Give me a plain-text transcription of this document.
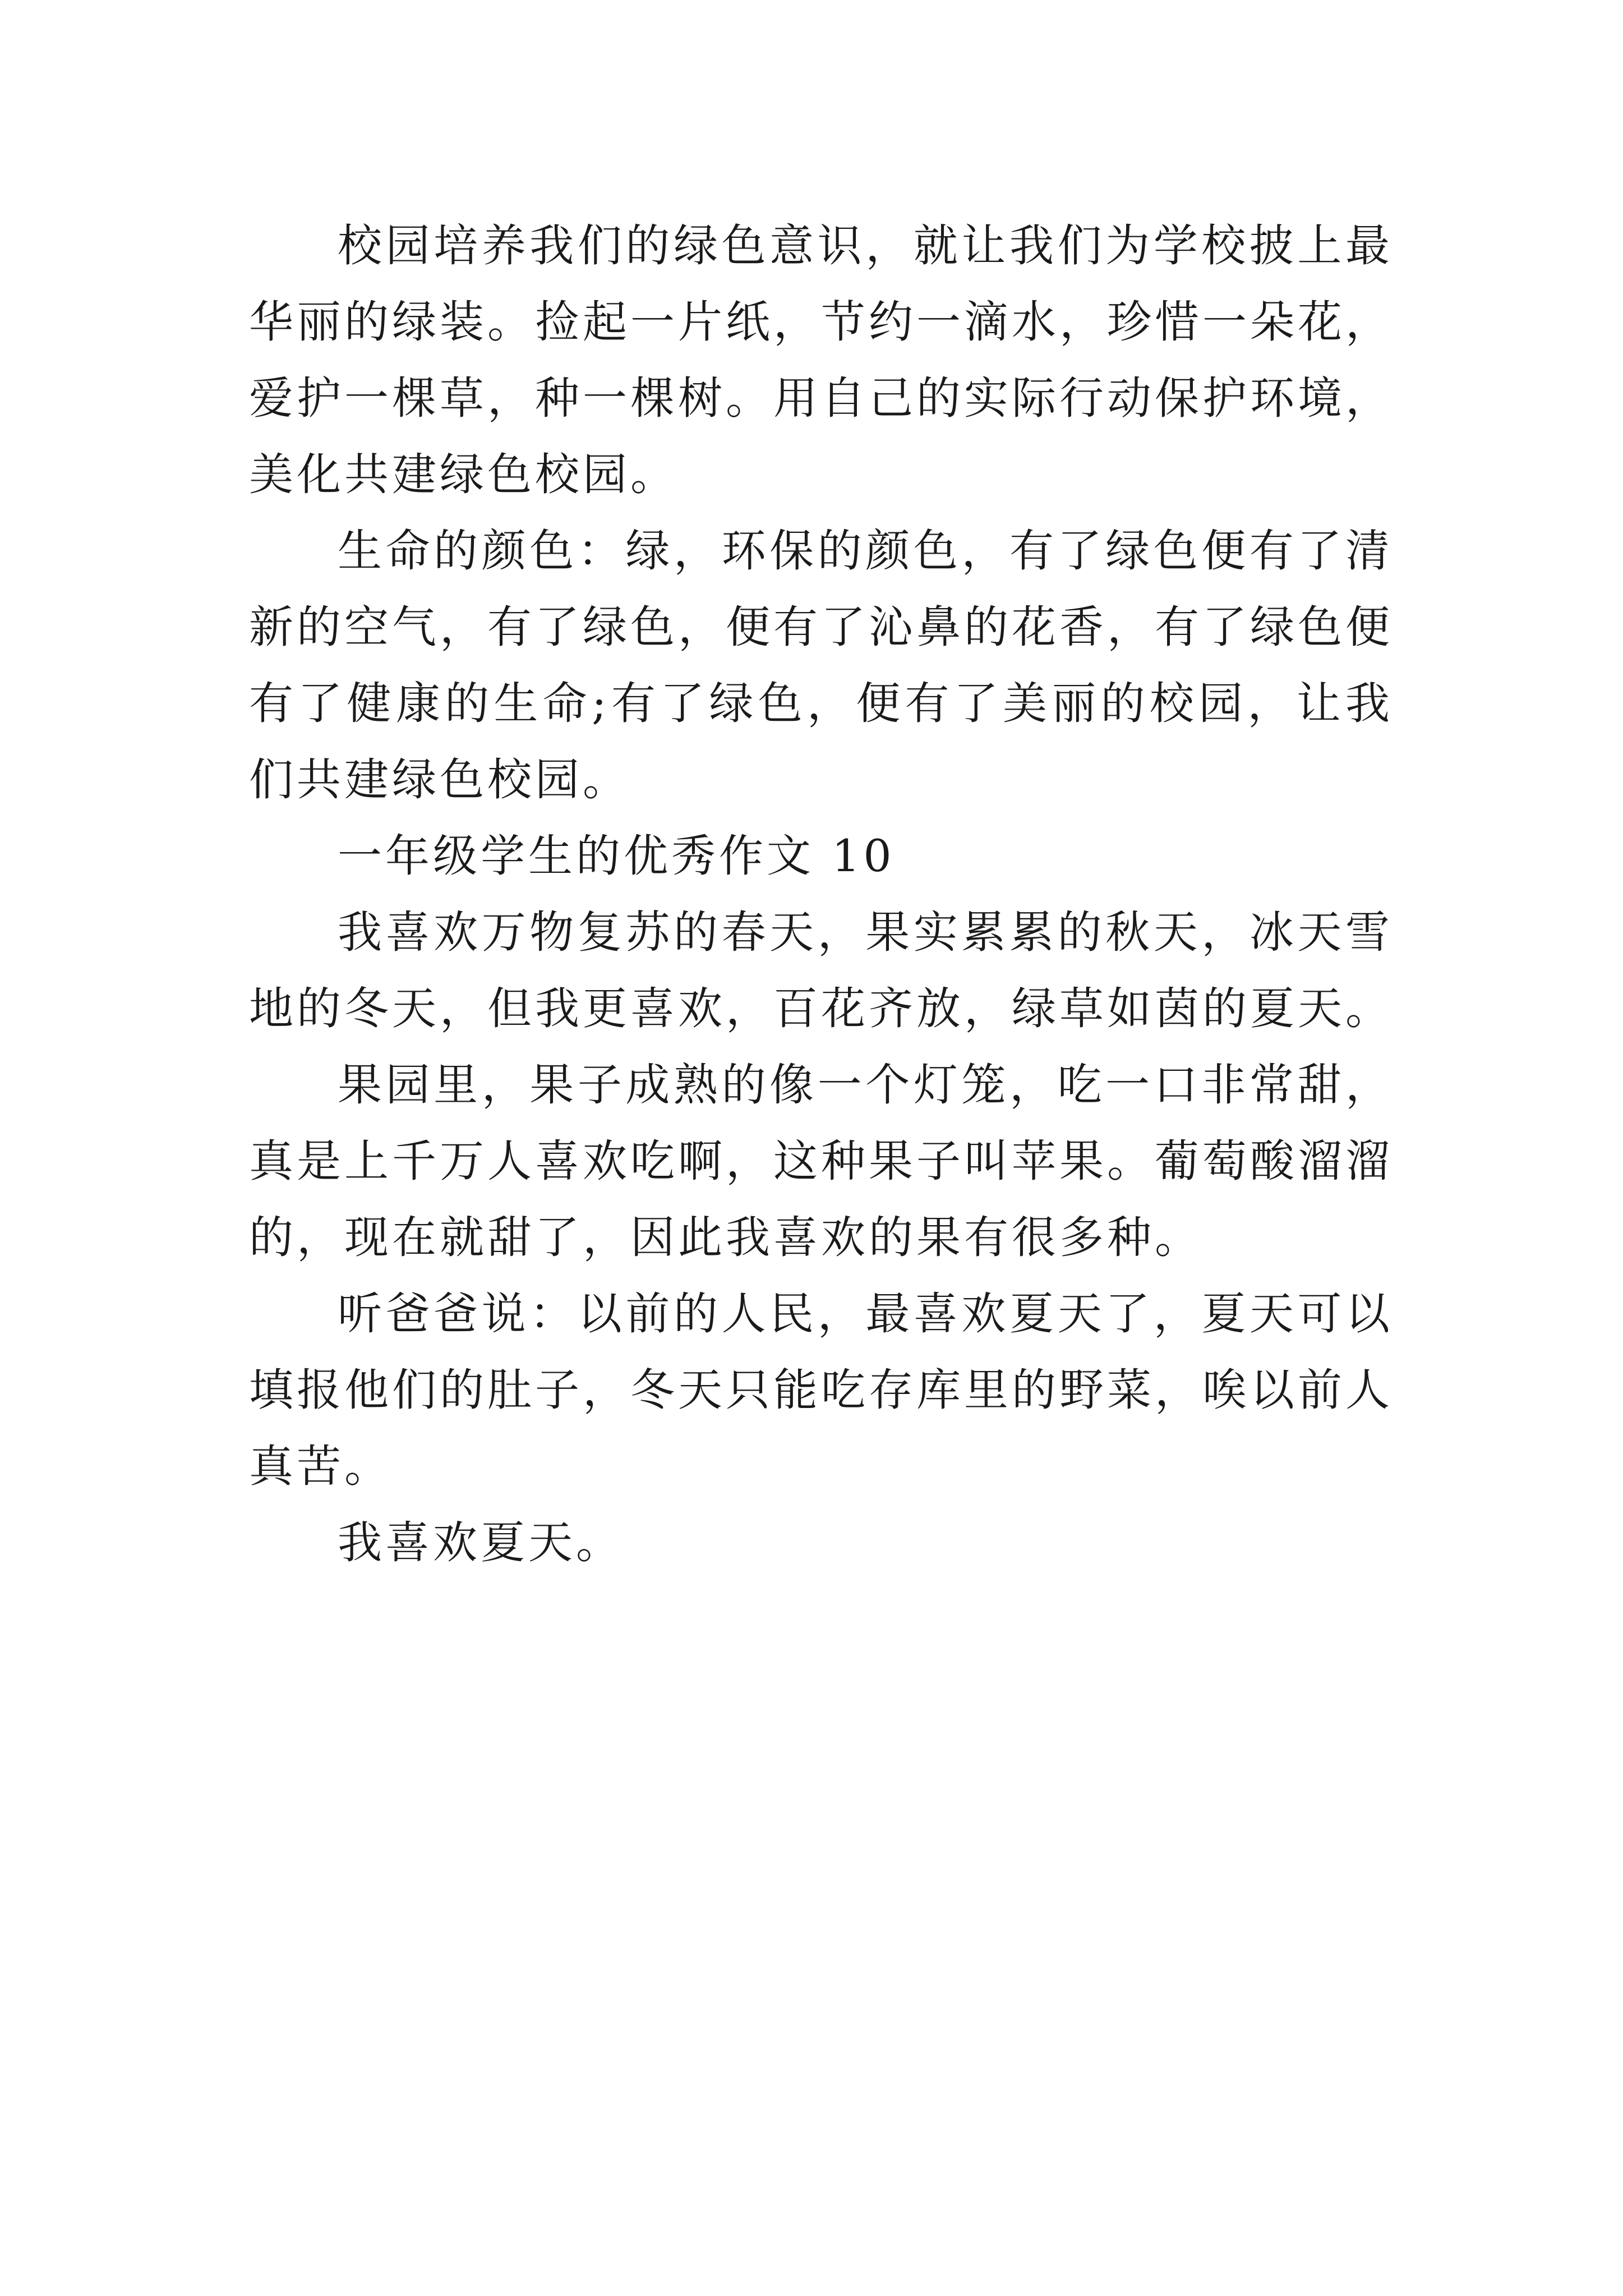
校园培养我们的绿色意识，就让我们为学校披上最华丽的绿装。捡起一片纸，节约一滴水，珍惜一朵花，爱护一棵草，种一棵树。用自己的实际行动保护环境，美化共建绿色校园。

生命的颜色：绿，环保的颜色，有了绿色便有了清新的空气，有了绿色，便有了沁鼻的花香，有了绿色便有了健康的生命;有了绿色，便有了美丽的校园，让我们共建绿色校园。

一年级学生的优秀作文 10

我喜欢万物复苏的春天，果实累累的秋天，冰天雪地的冬天，但我更喜欢，百花齐放，绿草如茵的夏天。

果园里，果子成熟的像一个灯笼，吃一口非常甜，真是上千万人喜欢吃啊，这种果子叫苹果。葡萄酸溜溜的，现在就甜了，因此我喜欢的果有很多种。

听爸爸说：以前的人民，最喜欢夏天了，夏天可以填报他们的肚子，冬天只能吃存库里的野菜，唉以前人真苦。

我喜欢夏天。
